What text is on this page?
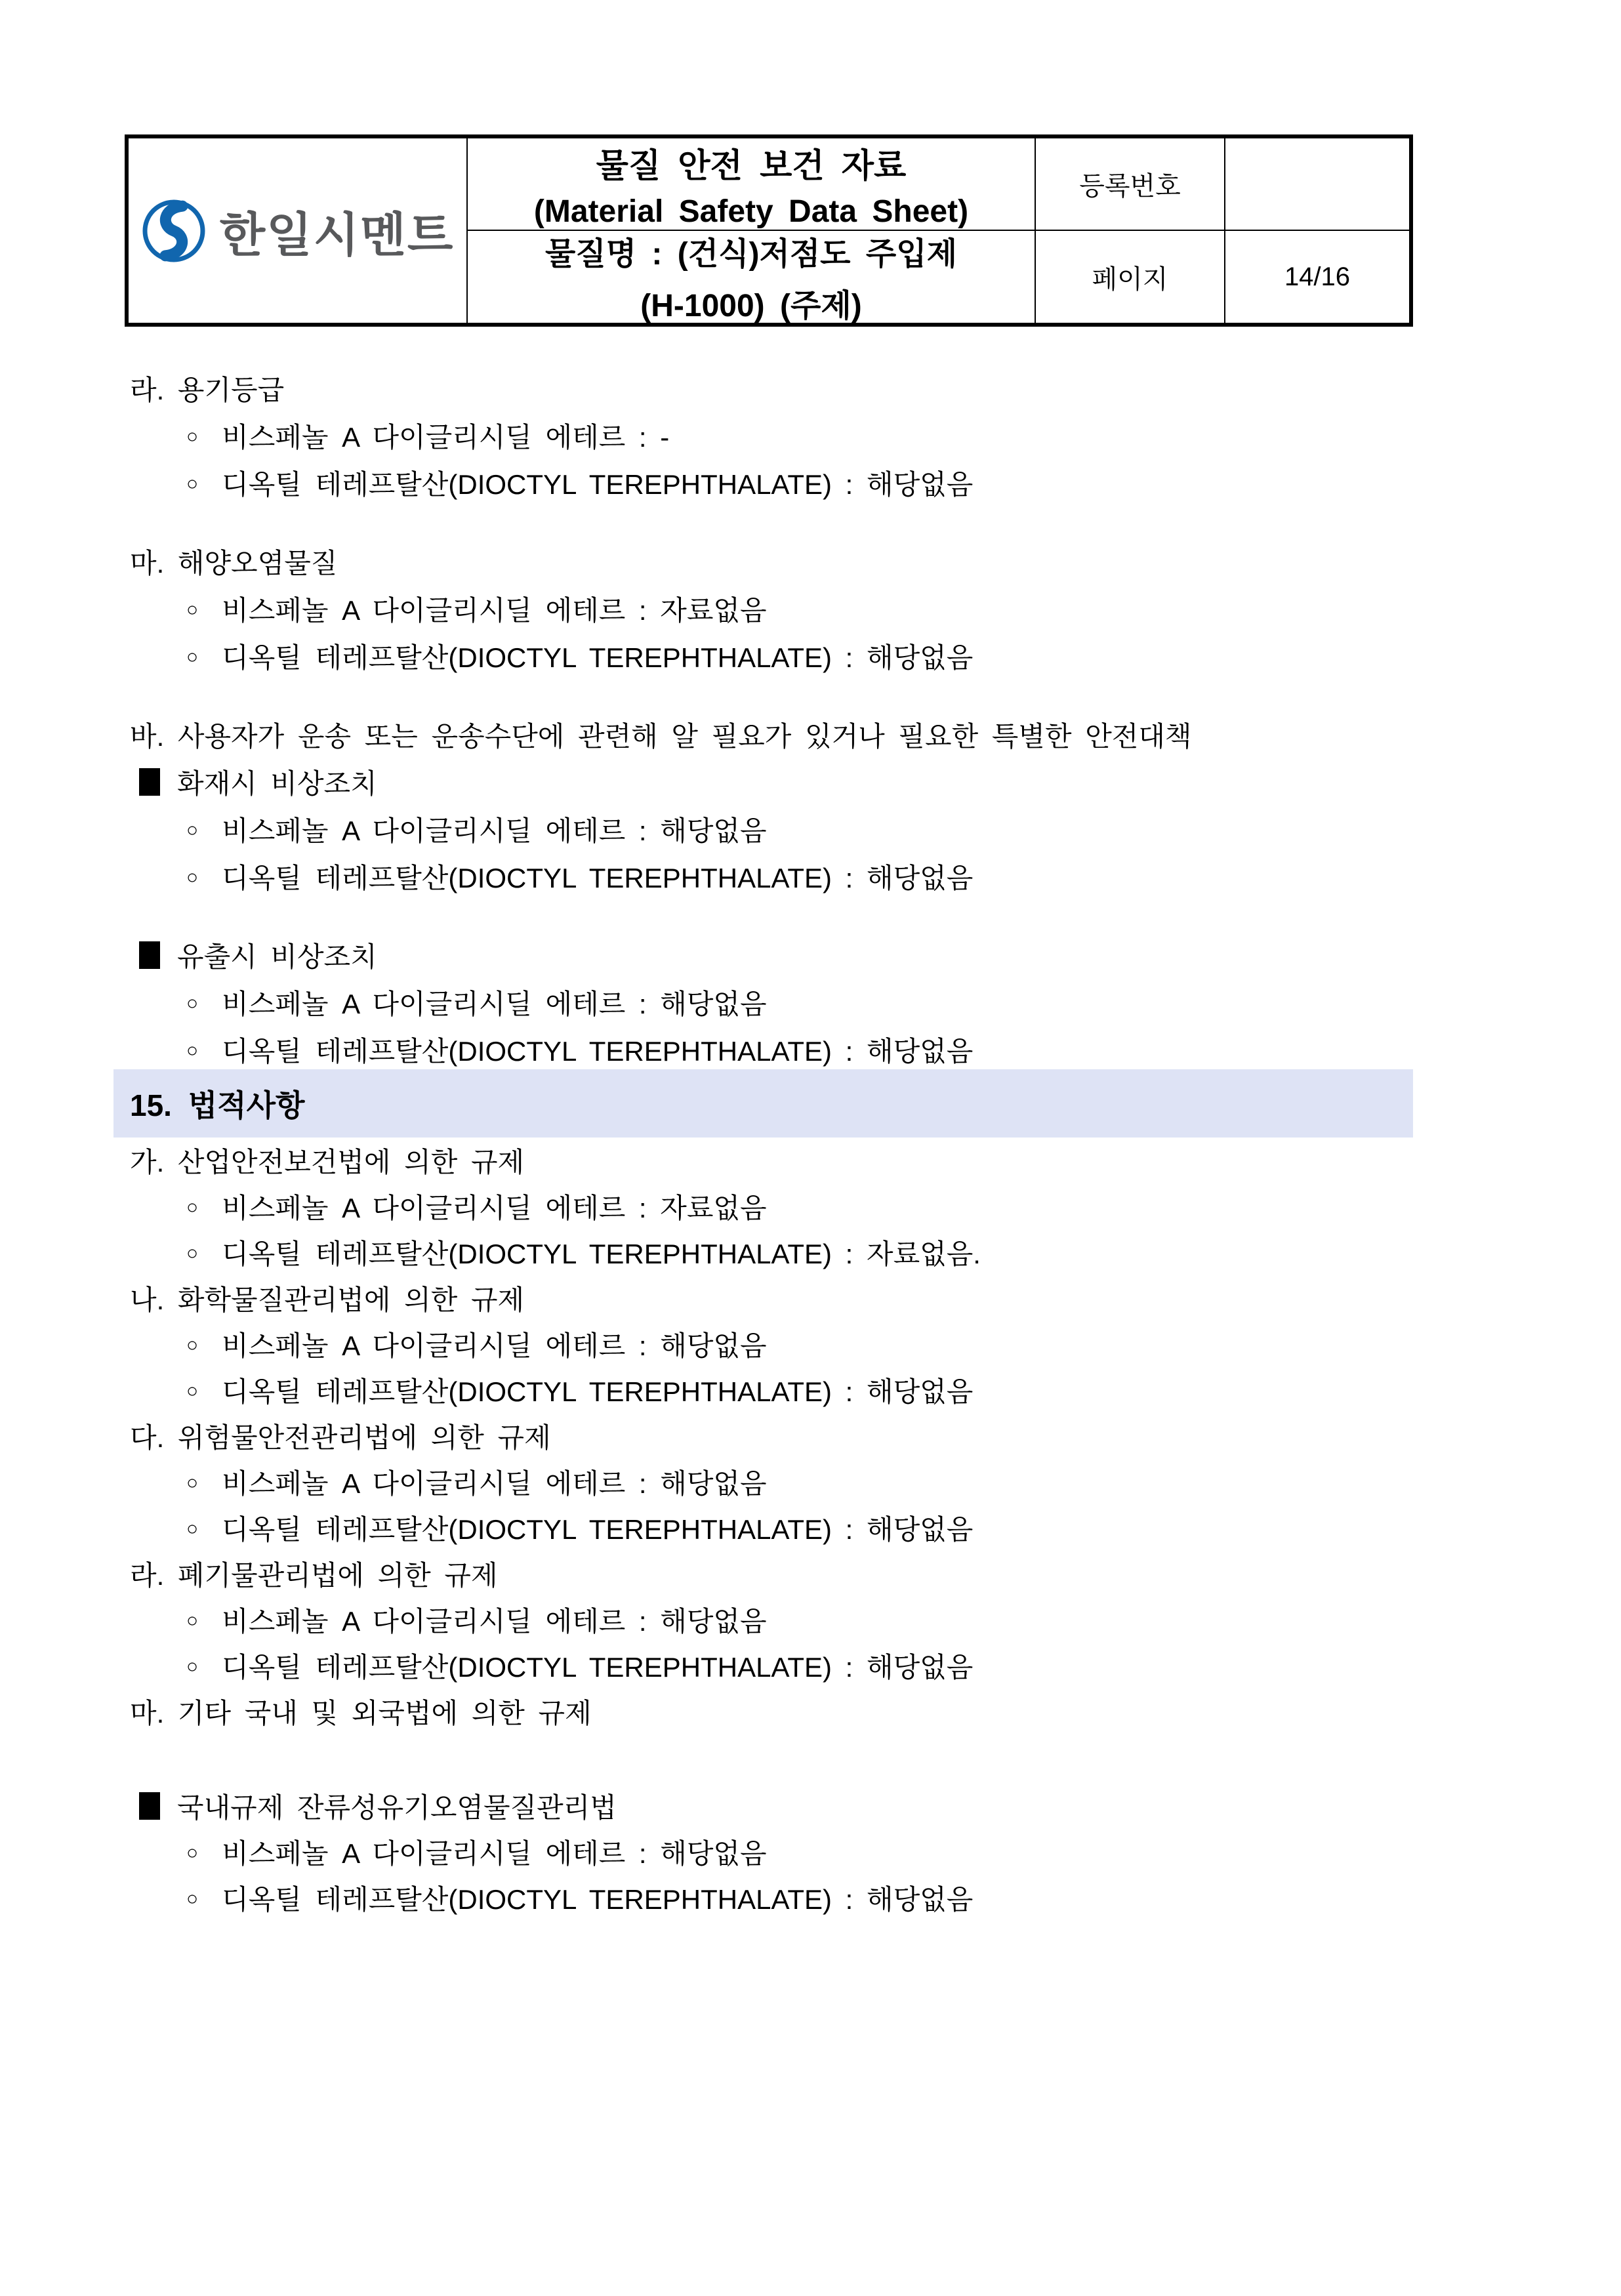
한일시멘트
물질 안전 보건 자료
(Material Safety Data Sheet)
등록번호
물질명 : (건식)저점도 주입제
(H-1000) (주제)
페이지	14/16
라. 용기등급
○ 비스페놀 A 다이글리시딜 에테르 : -
○ 디옥틸 테레프탈산(DIOCTYL TEREPHTHALATE) : 해당없음
마. 해양오염물질
○ 비스페놀 A 다이글리시딜 에테르 : 자료없음
○ 디옥틸 테레프탈산(DIOCTYL TEREPHTHALATE) : 해당없음
바. 사용자가 운송 또는 운송수단에 관련해 알 필요가 있거나 필요한 특별한 안전대책
화재시 비상조치
○ 비스페놀 A 다이글리시딜 에테르 : 해당없음
○ 디옥틸 테레프탈산(DIOCTYL TEREPHTHALATE) : 해당없음
유출시 비상조치
○ 비스페놀 A 다이글리시딜 에테르 : 해당없음
○ 디옥틸 테레프탈산(DIOCTYL TEREPHTHALATE) : 해당없음
15. 법적사항
가. 산업안전보건법에 의한 규제
○ 비스페놀 A 다이글리시딜 에테르 : 자료없음
○ 디옥틸 테레프탈산(DIOCTYL TEREPHTHALATE) : 자료없음.
나. 화학물질관리법에 의한 규제
○ 비스페놀 A 다이글리시딜 에테르 : 해당없음
○ 디옥틸 테레프탈산(DIOCTYL TEREPHTHALATE) : 해당없음
다. 위험물안전관리법에 의한 규제
○ 비스페놀 A 다이글리시딜 에테르 : 해당없음
○ 디옥틸 테레프탈산(DIOCTYL TEREPHTHALATE) : 해당없음
라. 폐기물관리법에 의한 규제
○ 비스페놀 A 다이글리시딜 에테르 : 해당없음
○ 디옥틸 테레프탈산(DIOCTYL TEREPHTHALATE) : 해당없음
마. 기타 국내 및 외국법에 의한 규제
국내규제 잔류성유기오염물질관리법
○ 비스페놀 A 다이글리시딜 에테르 : 해당없음
○ 디옥틸 테레프탈산(DIOCTYL TEREPHTHALATE) : 해당없음
